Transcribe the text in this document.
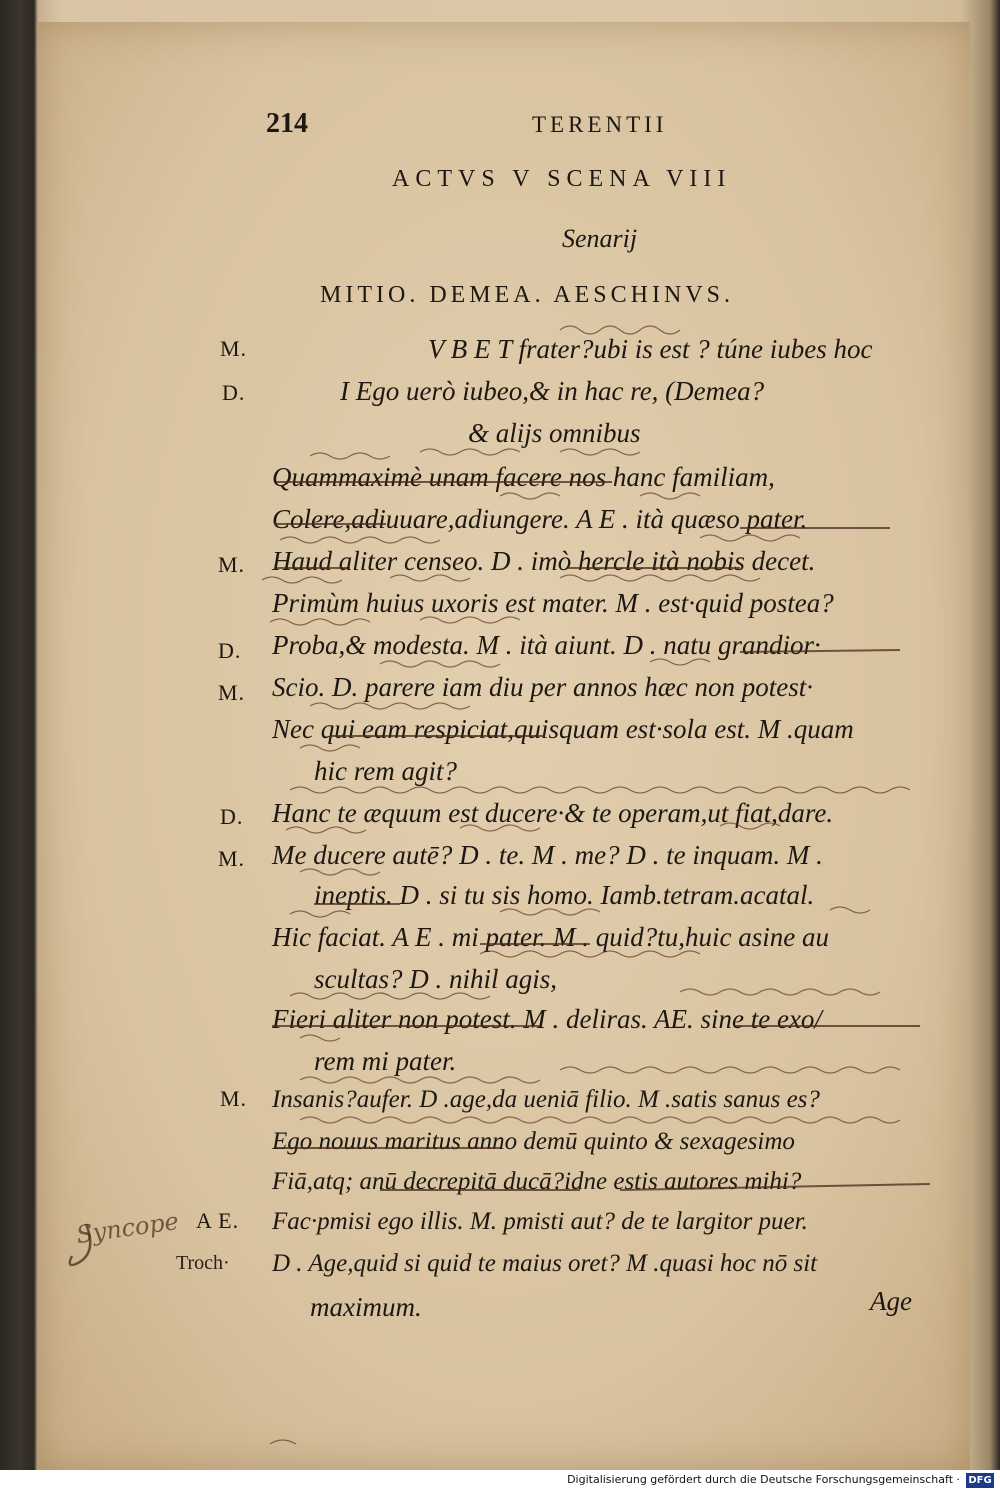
214	TERENTII
ACTVS V SCENA VIII
Senarij
MITIO. DEMEA. AESCHINVS.
M.
D.
M.
D.
M.
D.
M.
M.
A E.
V B E T frater?ubi is est ? túne iubes hoc
I Ego uerò iubeo,& in hac re, (Demea?
& alijs omnibus
Quammaximè unam facere nos hanc familiam,
Colere,adiuuare,adiungere. A E . ità quæso pater.
Haud aliter censeo. D . imò hercle ità nobis decet.
Primùm huius uxoris est mater. M . est·quid postea?
Proba,& modesta. M . ità aiunt. D . natu grandior·
Scio. D. parere iam diu per annos hæc non potest·
Nec qui eam respiciat,quisquam est·sola est. M .quam
hic rem agit?
Hanc te æquum est ducere·& te operam,ut fiat,dare.
Me ducere autē? D . te. M . me? D . te inquam. M .
ineptis. D . si tu sis homo. Iamb.tetram.acatal.
Hic faciat. A E . mi pater. M . quid?tu,huic asine au
scultas? D . nihil agis,
Fieri aliter non potest. M . deliras. AE. sine te exo/
rem mi pater.
Insanis?aufer. D .age,da ueniā filio. M .satis sanus es?
Ego nouus maritus anno demū quinto & sexagesimo
Fiā,atq; anū decrepitā ducā?idne estis autores mihi?
Fac·pmisi ego illis. M. pmisti aut? de te largitor puer.
D . Age,quid si quid te maius oret? M .quasi hoc nō sit
maximum.	Age
Troch·
Syncope
Digitalisierung gefördert durch die Deutsche Forschungsgemeinschaft · DFG
